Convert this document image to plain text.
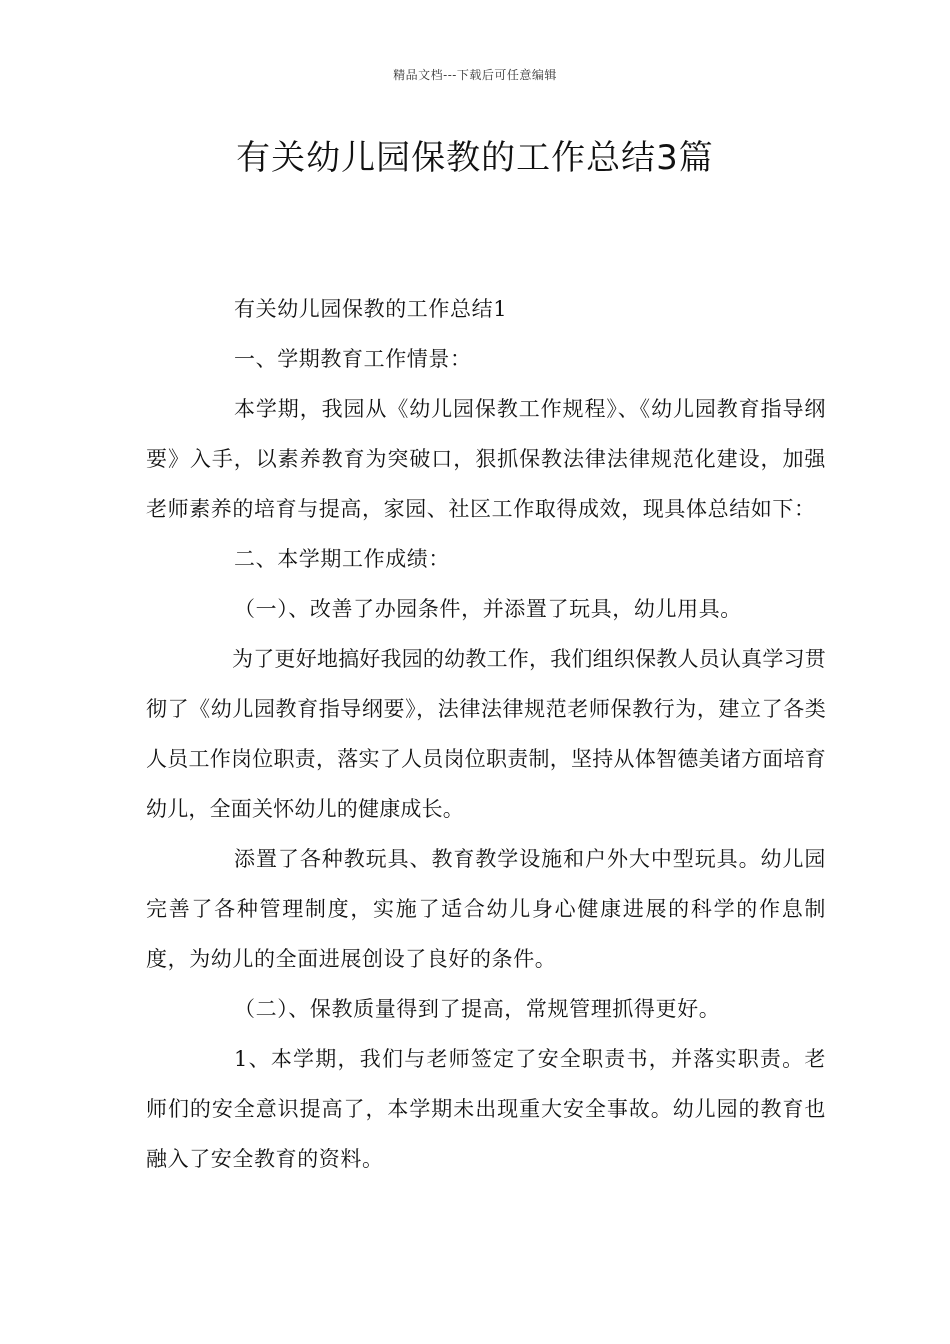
精品文档---下载后可任意编辑
有关幼儿园保教的工作总结3篇

有关幼儿园保教的工作总结1

一、学期教育工作情景：

本学期，我园从《幼儿园保教工作规程》、《幼儿园教育指导纲要》入手，以素养教育为突破口，狠抓保教法律法律规范化建设，加强老师素养的培育与提高，家园、社区工作取得成效，现具体总结如下：

二、本学期工作成绩：

（一）、改善了办园条件，并添置了玩具，幼儿用具。

为了更好地搞好我园的幼教工作，我们组织保教人员认真学习贯彻了《幼儿园教育指导纲要》，法律法律规范老师保教行为，建立了各类人员工作岗位职责，落实了人员岗位职责制，坚持从体智德美诸方面培育幼儿，全面关怀幼儿的健康成长。

添置了各种教玩具、教育教学设施和户外大中型玩具。幼儿园完善了各种管理制度，实施了适合幼儿身心健康进展的科学的作息制度，为幼儿的全面进展创设了良好的条件。

（二）、保教质量得到了提高，常规管理抓得更好。

1、本学期，我们与老师签定了安全职责书，并落实职责。老师们的安全意识提高了，本学期未出现重大安全事故。幼儿园的教育也融入了安全教育的资料。
